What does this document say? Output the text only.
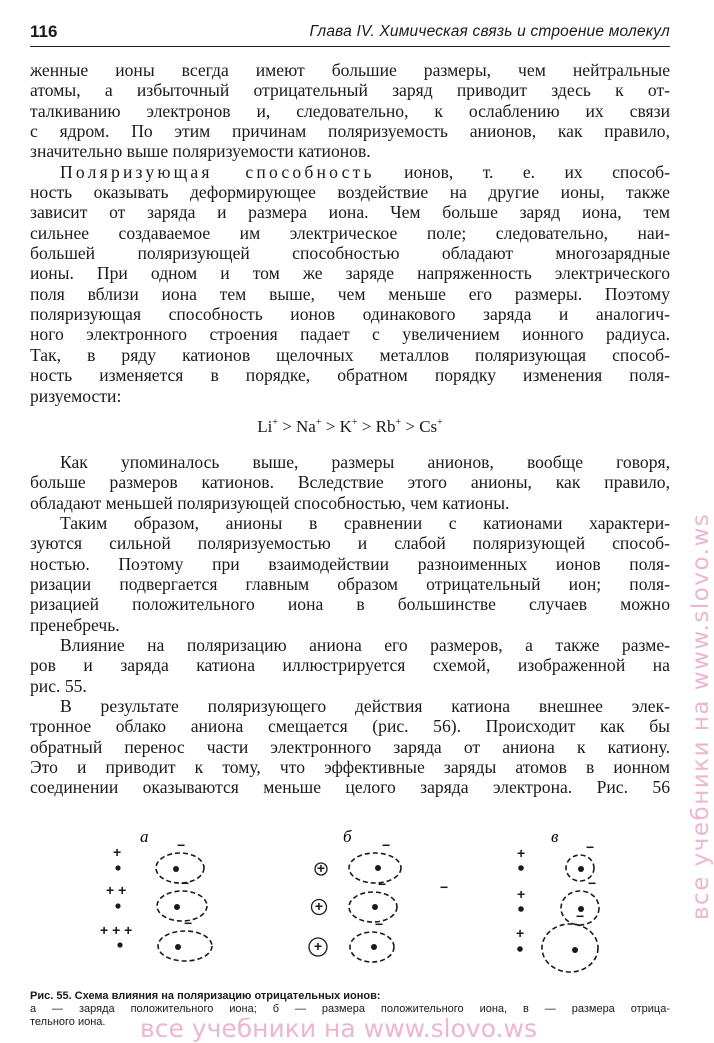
116	Глава IV. Химическая связь и строение молекул
женные ионы всегда имеют большие размеры, чем нейтральные
атомы, а избыточный отрицательный заряд приводит здесь к от-
талкиванию электронов и, следовательно, к ослаблению их связи
с ядром. По этим причинам поляризуемость анионов, как правило,
значительно выше поляризуемости катионов.
Поляризующая способность ионов, т. е. их способ-
ность оказывать деформирующее воздействие на другие ионы, также
зависит от заряда и размера иона. Чем больше заряд иона, тем
сильнее создаваемое им электрическое поле; следовательно, наи-
большей поляризующей способностью обладают многозарядные
ионы. При одном и том же заряде напряженность электрического
поля вблизи иона тем выше, чем меньше его размеры. Поэтому
поляризующая способность ионов одинакового заряда и аналогич-
ного электронного строения падает с увеличением ионного радиуса.
Так, в ряду катионов щелочных металлов поляризующая способ-
ность изменяется в порядке, обратном порядку изменения поля-
ризуемости:
Li+ > Na+ > K+ > Rb+ > Cs+
Как упоминалось выше, размеры анионов, вообще говоря,
больше размеров катионов. Вследствие этого анионы, как правило,
обладают меньшей поляризующей способностью, чем катионы.
Таким образом, анионы в сравнении с катионами характери-
зуются сильной поляризуемостью и слабой поляризующей способ-
ностью. Поэтому при взаимодействии разноименных ионов поля-
ризации подвергается главным образом отрицательный ион; поля-
ризацией положительного иона в большинстве случаев можно
пренебречь.
Влияние на поляризацию аниона его размеров, а также разме-
ров и заряда катиона иллюстрируется схемой, изображенной на
рис. 55.
В результате поляризующего действия катиона внешнее элек-
тронное облако аниона смещается (рис. 56). Происходит как бы
обратный перенос части электронного заряда от аниона к катиону.
Это и приводит к тому, что эффективные заряды атомов в ионном
соединении оказываются меньше целого заряда электрона. Рис. 56
а	б	в
−
−
−
−
−
−
−
−
−
−
+
+ +
+ + +
+
+
+
+
+
+
Рис. 55. Схема влияния на поляризацию отрицательных ионов:
а — заряда положительного иона; б — размера положительного иона, в — размера отрица-
тельного иона.
все учебники на www.slovo.ws
все учебники на www.slovo.ws
